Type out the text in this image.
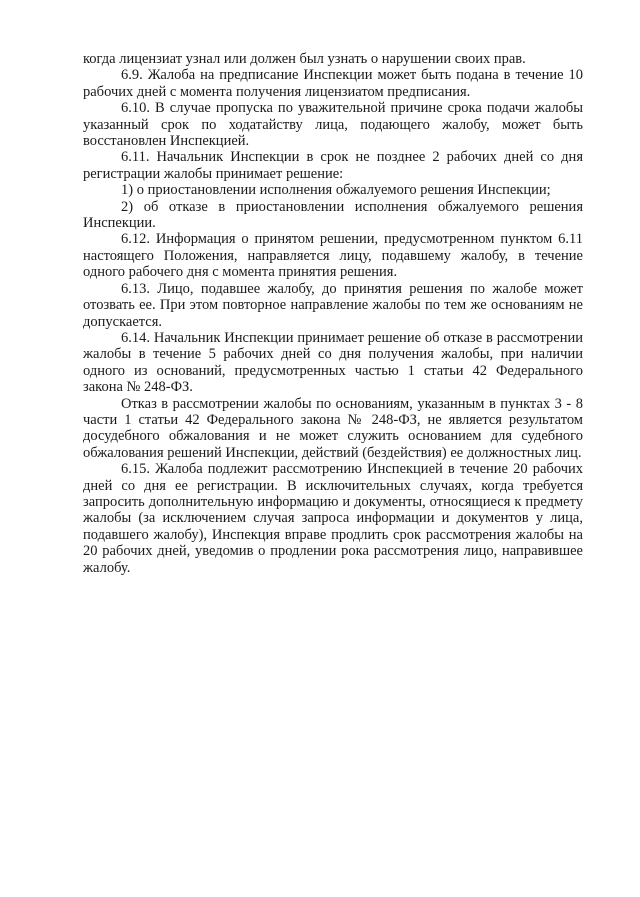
когда лицензиат узнал или должен был узнать о нарушении своих прав.

6.9. Жалоба на предписание Инспекции может быть подана в течение 10 рабочих дней с момента получения лицензиатом предписания.

6.10. В случае пропуска по уважительной причине срока подачи жалобы указанный срок по ходатайству лица, подающего жалобу, может быть восстановлен Инспекцией.

6.11. Начальник Инспекции в срок не позднее 2 рабочих дней со дня регистрации жалобы принимает решение:

1) о приостановлении исполнения обжалуемого решения Инспекции;

2) об отказе в приостановлении исполнения обжалуемого решения Инспекции.

6.12. Информация о принятом решении, предусмотренном пунктом 6.11 настоящего Положения, направляется лицу, подавшему жалобу, в течение одного рабочего дня с момента принятия решения.

6.13. Лицо, подавшее жалобу, до принятия решения по жалобе может отозвать ее. При этом повторное направление жалобы по тем же основаниям не допускается.

6.14. Начальник Инспекции принимает решение об отказе в рассмотрении жалобы в течение 5 рабочих дней со дня получения жалобы, при наличии одного из оснований, предусмотренных частью 1 статьи 42 Федерального закона № 248-ФЗ.

Отказ в рассмотрении жалобы по основаниям, указанным в пунктах 3 - 8 части 1 статьи 42 Федерального закона № 248-ФЗ, не является результатом досудебного обжалования и не может служить основанием для судебного обжалования решений Инспекции, действий (бездействия) ее должностных лиц.

6.15. Жалоба подлежит рассмотрению Инспекцией в течение 20 рабочих дней со дня ее регистрации. В исключительных случаях, когда требуется запросить дополнительную информацию и документы, относящиеся к предмету жалобы (за исключением случая запроса информации и документов у лица, подавшего жалобу), Инспекция вправе продлить срок рассмотрения жалобы на 20 рабочих дней, уведомив о продлении рока рассмотрения лицо, направившее жалобу.
